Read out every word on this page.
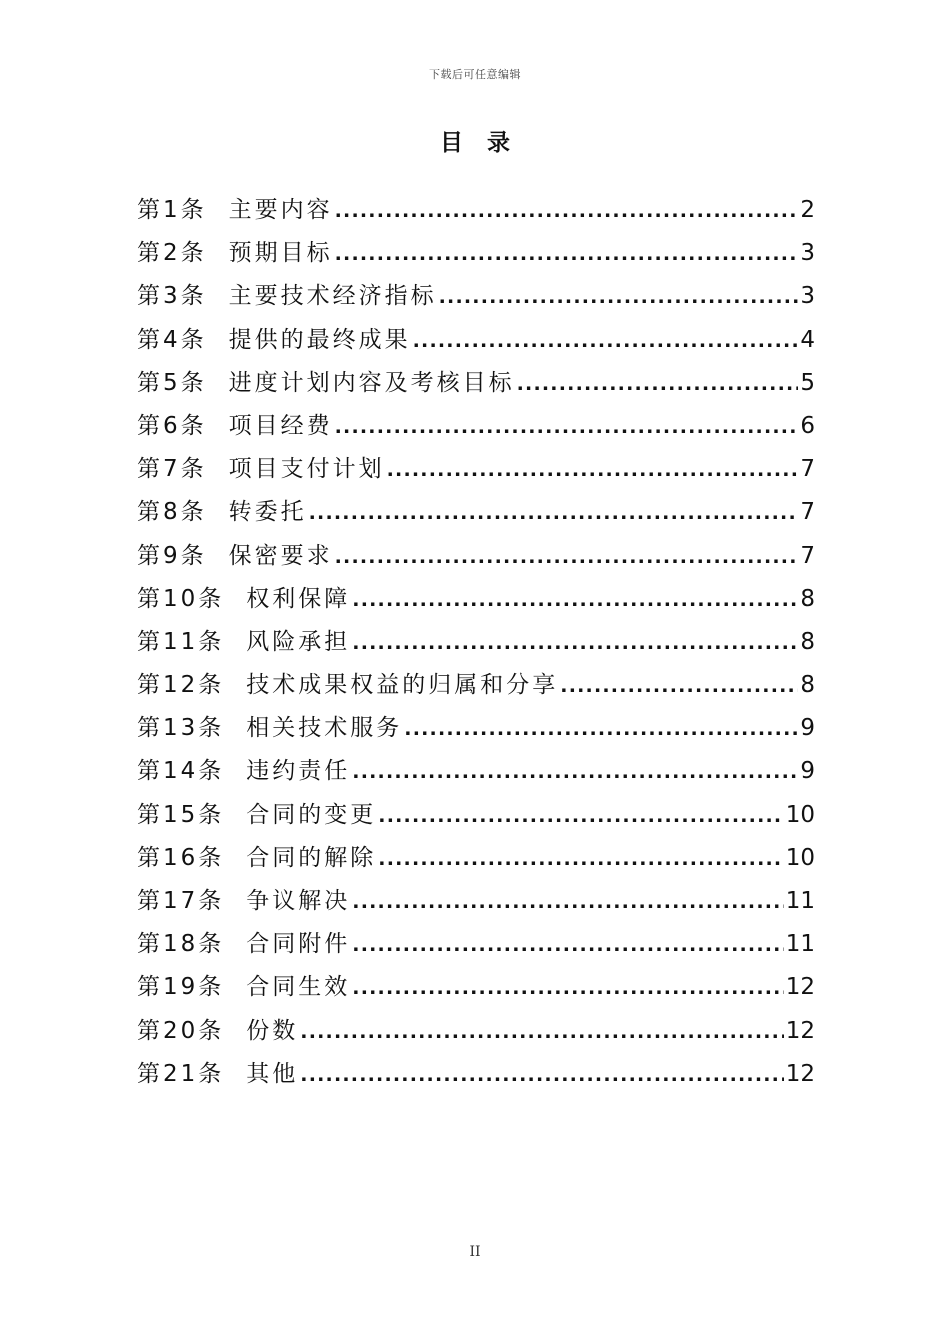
下载后可任意编辑
目录
第1条 主要内容 .....	2
第2条 预期目标 .....	3
第3条 主要技术经济指标 .....	3
第4条 提供的最终成果 .....	4
第5条 进度计划内容及考核目标 .....	5
第6条 项目经费 .....	6
第7条 项目支付计划 .....	7
第8条 转委托 .....	7
第9条 保密要求 .....	7
第10条 权利保障 .....	8
第11条 风险承担 .....	8
第12条 技术成果权益的归属和分享 .....	8
第13条 相关技术服务 .....	9
第14条 违约责任 .....	9
第15条 合同的变更 .....	10
第16条 合同的解除 .....	10
第17条 争议解决 .....	11
第18条 合同附件 .....	11
第19条 合同生效 .....	12
第20条 份数 .....	12
第21条 其他 .....	12
II
